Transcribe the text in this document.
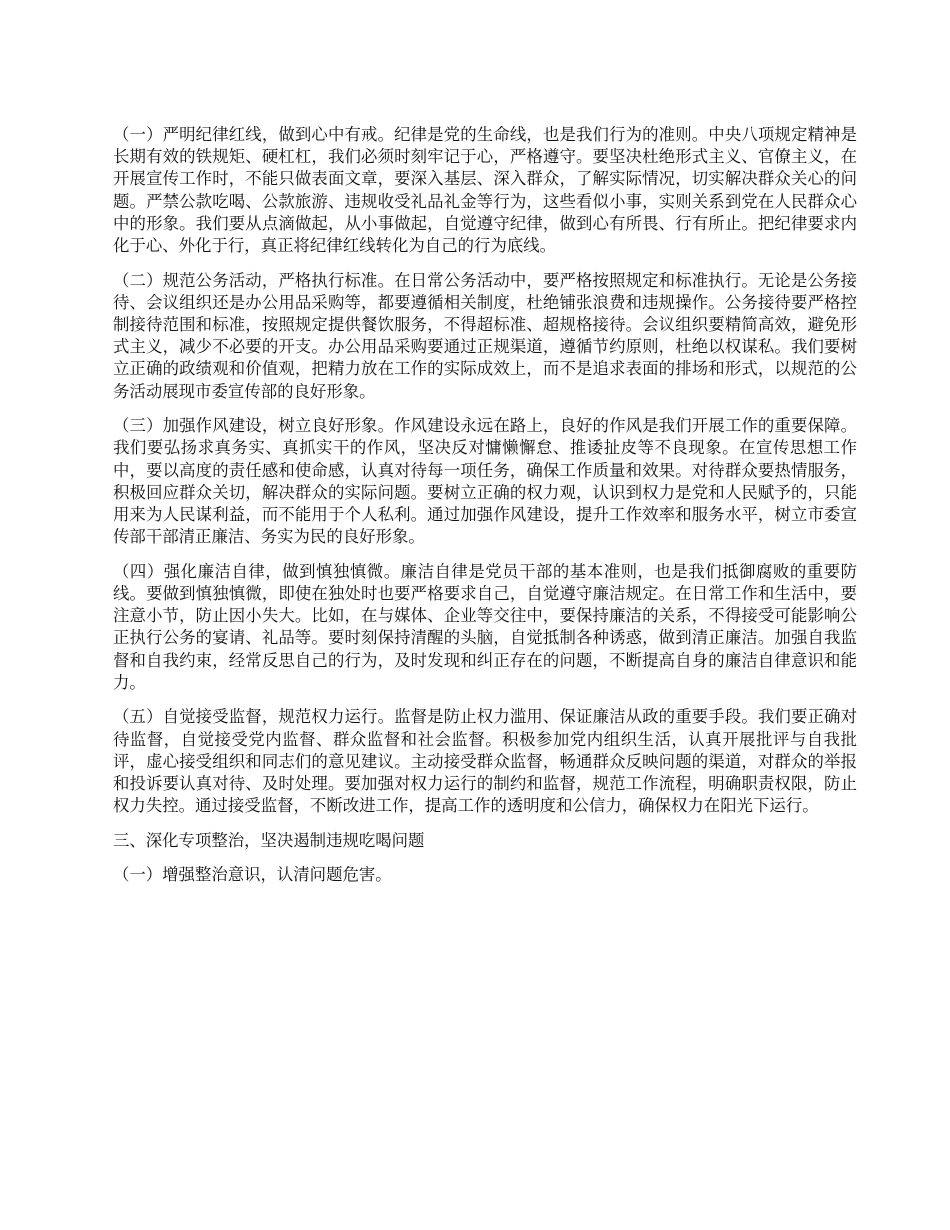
（一）严明纪律红线，做到心中有戒。纪律是党的生命线，也是我们行为的准则。中央八项规定精神是长期有效的铁规矩、硬杠杠，我们必须时刻牢记于心，严格遵守。要坚决杜绝形式主义、官僚主义，在开展宣传工作时，不能只做表面文章，要深入基层、深入群众，了解实际情况，切实解决群众关心的问题。严禁公款吃喝、公款旅游、违规收受礼品礼金等行为，这些看似小事，实则关系到党在人民群众心中的形象。我们要从点滴做起，从小事做起，自觉遵守纪律，做到心有所畏、行有所止。把纪律要求内化于心、外化于行，真正将纪律红线转化为自己的行为底线。

（二）规范公务活动，严格执行标准。在日常公务活动中，要严格按照规定和标准执行。无论是公务接待、会议组织还是办公用品采购等，都要遵循相关制度，杜绝铺张浪费和违规操作。公务接待要严格控制接待范围和标准，按照规定提供餐饮服务，不得超标准、超规格接待。会议组织要精简高效，避免形式主义，减少不必要的开支。办公用品采购要通过正规渠道，遵循节约原则，杜绝以权谋私。我们要树立正确的政绩观和价值观，把精力放在工作的实际成效上，而不是追求表面的排场和形式，以规范的公务活动展现市委宣传部的良好形象。

（三）加强作风建设，树立良好形象。作风建设永远在路上，良好的作风是我们开展工作的重要保障。我们要弘扬求真务实、真抓实干的作风，坚决反对慵懒懈怠、推诿扯皮等不良现象。在宣传思想工作中，要以高度的责任感和使命感，认真对待每一项任务，确保工作质量和效果。对待群众要热情服务，积极回应群众关切，解决群众的实际问题。要树立正确的权力观，认识到权力是党和人民赋予的，只能用来为人民谋利益，而不能用于个人私利。通过加强作风建设，提升工作效率和服务水平，树立市委宣传部干部清正廉洁、务实为民的良好形象。

（四）强化廉洁自律，做到慎独慎微。廉洁自律是党员干部的基本准则，也是我们抵御腐败的重要防线。要做到慎独慎微，即使在独处时也要严格要求自己，自觉遵守廉洁规定。在日常工作和生活中，要注意小节，防止因小失大。比如，在与媒体、企业等交往中，要保持廉洁的关系，不得接受可能影响公正执行公务的宴请、礼品等。要时刻保持清醒的头脑，自觉抵制各种诱惑，做到清正廉洁。加强自我监督和自我约束，经常反思自己的行为，及时发现和纠正存在的问题，不断提高自身的廉洁自律意识和能力。

（五）自觉接受监督，规范权力运行。监督是防止权力滥用、保证廉洁从政的重要手段。我们要正确对待监督，自觉接受党内监督、群众监督和社会监督。积极参加党内组织生活，认真开展批评与自我批评，虚心接受组织和同志们的意见建议。主动接受群众监督，畅通群众反映问题的渠道，对群众的举报和投诉要认真对待、及时处理。要加强对权力运行的制约和监督，规范工作流程，明确职责权限，防止权力失控。通过接受监督，不断改进工作，提高工作的透明度和公信力，确保权力在阳光下运行。

三、深化专项整治，坚决遏制违规吃喝问题

（一）增强整治意识，认清问题危害。
